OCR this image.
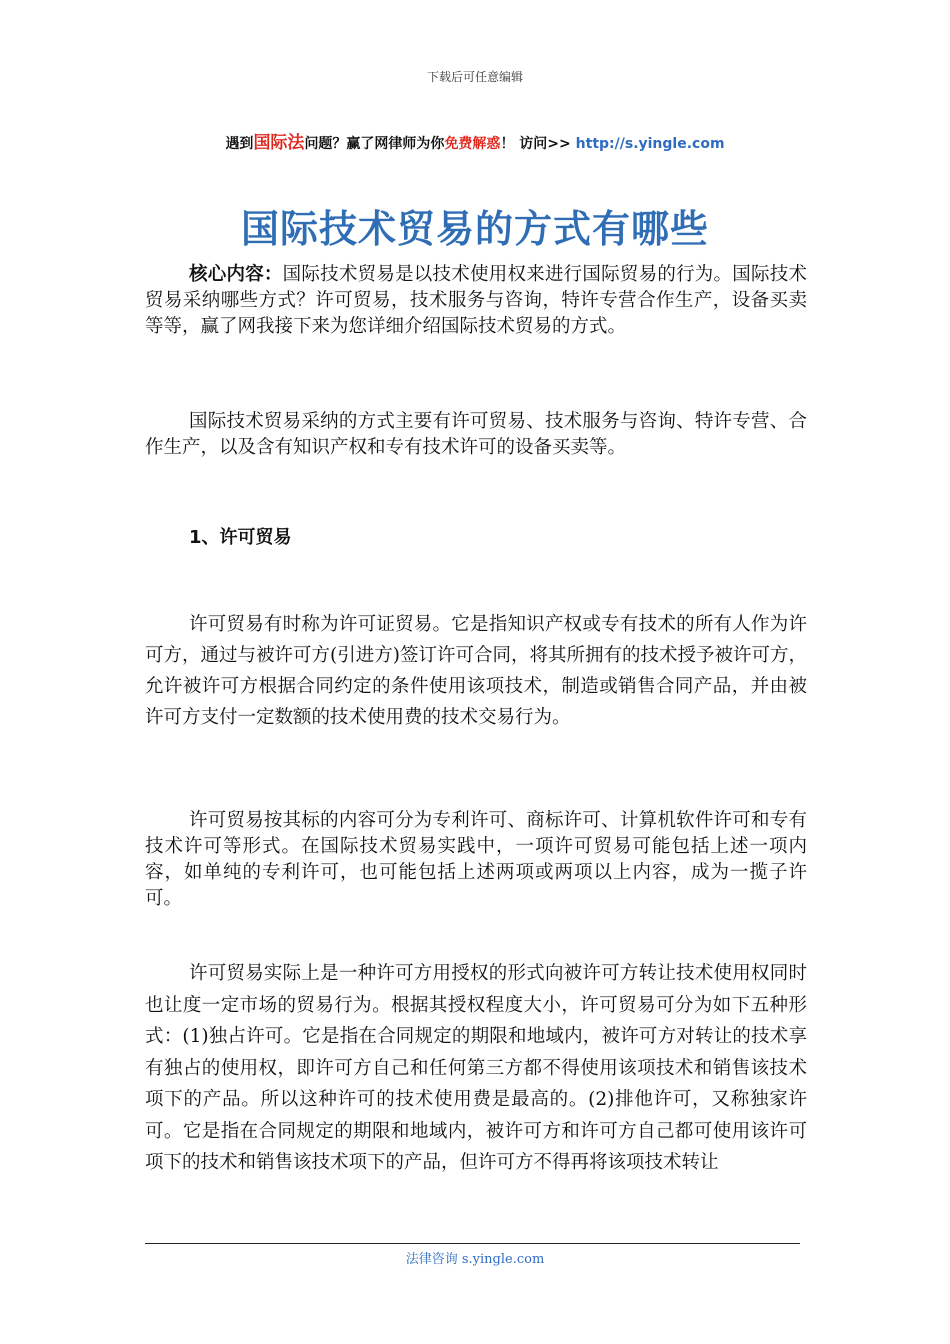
下载后可任意编辑
遇到国际法问题？赢了网律师为你免费解惑！ 访问>> http://s.yingle.com
国际技术贸易的方式有哪些
核心内容：国际技术贸易是以技术使用权来进行国际贸易的行为。国际技术贸易采纳哪些方式？许可贸易，技术服务与咨询，特许专营合作生产，设备买卖等等，赢了网我接下来为您详细介绍国际技术贸易的方式。
国际技术贸易采纳的方式主要有许可贸易、技术服务与咨询、特许专营、合作生产，以及含有知识产权和专有技术许可的设备买卖等。
1、许可贸易
许可贸易有时称为许可证贸易。它是指知识产权或专有技术的所有人作为许可方，通过与被许可方(引进方)签订许可合同，将其所拥有的技术授予被许可方，允许被许可方根据合同约定的条件使用该项技术，制造或销售合同产品，并由被许可方支付一定数额的技术使用费的技术交易行为。
许可贸易按其标的内容可分为专利许可、商标许可、计算机软件许可和专有技术许可等形式。在国际技术贸易实践中，一项许可贸易可能包括上述一项内容，如单纯的专利许可，也可能包括上述两项或两项以上内容，成为一揽子许可。
许可贸易实际上是一种许可方用授权的形式向被许可方转让技术使用权同时也让度一定市场的贸易行为。根据其授权程度大小，许可贸易可分为如下五种形式：(1)独占许可。它是指在合同规定的期限和地域内，被许可方对转让的技术享有独占的使用权，即许可方自己和任何第三方都不得使用该项技术和销售该技术项下的产品。所以这种许可的技术使用费是最高的。(2)排他许可，又称独家许可。它是指在合同规定的期限和地域内，被许可方和许可方自己都可使用该许可项下的技术和销售该技术项下的产品，但许可方不得再将该项技术转让
法律咨询 s.yingle.com
